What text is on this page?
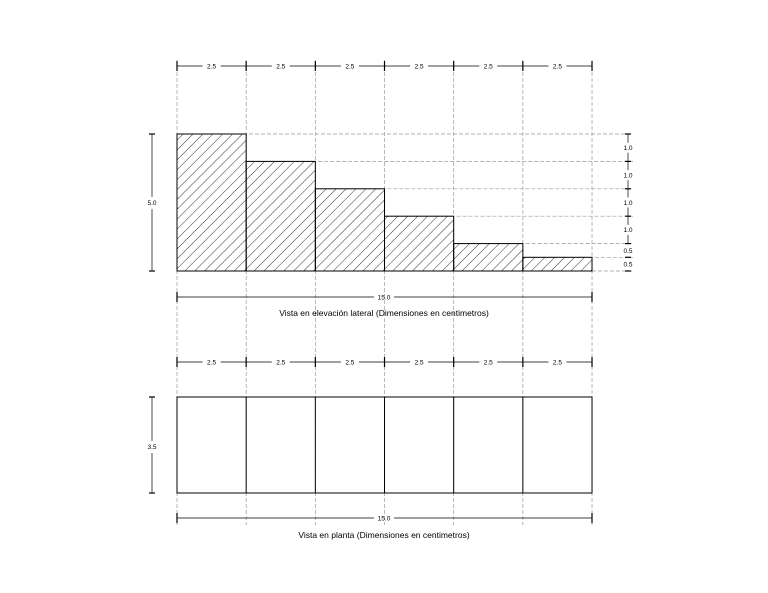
2.5	2.5	2.5	2.5	2.5	2.5
1.0
1.0
1.0
1.0
0.5
0.5
5.0
15.0
Vista en elevación lateral (Dimensiones en centimetros)
2.5	2.5	2.5	2.5	2.5	2.5
3.5
15.0
Vista en planta (Dimensiones en centimetros)
